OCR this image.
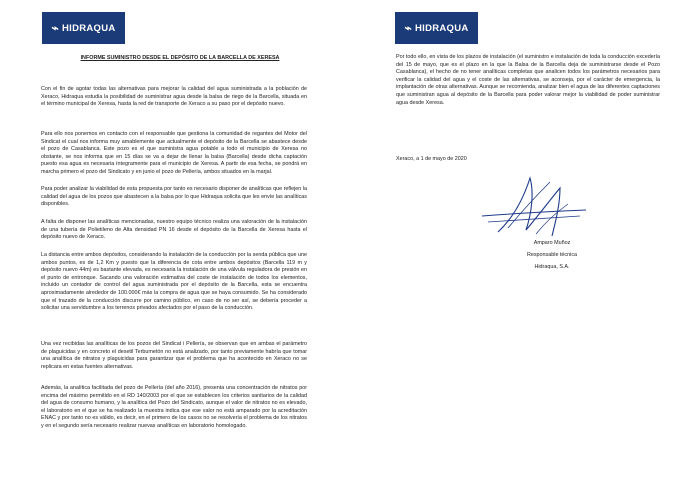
⌁ HIDRAQUA
INFORME SUMINISTRO DESDE EL DEPÓSITO DE LA BARCELLA DE XERESA

Con el fin de agotar todas las alternativas para mejorar la calidad del agua suministrada a la población de Xeraco, Hidraqua estudia la posibilidad de suministrar agua desde la balsa de riego de la Barcella, situada en el término municipal de Xeresa, hasta la red de transporte de Xeraco a su paso por el depósito nuevo.

Para ello nos ponemos en contacto con el responsable que gestiona la comunidad de regantes del Motor del Sindicat el cual nos informa muy amablemente que actualmente el depósito de la Barcella se abastece desde el pozo de Casablanca. Este pozo es el que suministra agua potable a todo el municipio de Xeresa no obstante, se nos informa que en 15 días se va a dejar de llenar la balsa (Barcella) desde dicha captación puesto esa agua es necesaria íntegramente para el municipio de Xeresa. A partir de esa fecha, se pondrá en marcha primero el pozo del Sindicato y en junio el pozo de Pellería, ambos situados en la marjal.

Para poder analizar la viabilidad de esta propuesta por tanto es necesario disponer de analíticas que reflejen la calidad del agua de los pozos que abastecen a la balsa por lo que Hidraqua solicita que les envíe las analíticas disponibles.

A falta de disponer las analíticas mencionadas, nuestro equipo técnico realiza una valoración de la instalación de una tubería de Polietileno de Alta densidad PN 16 desde el depósito de la Barcella de Xeresa hasta el depósito nuevo de Xeraco.

La distancia entre ambos depósitos, considerando la instalación de la conducción por la senda pública que une ambos puntos, es de 1,2 Km y puesto que la diferencia de cota entre ambos depósitos (Barcella 119 m y depósito nuevo 44m) es bastante elevada, es necesaria la instalación de una válvula reguladora de presión en el punto de entronque. Sacando una valoración estimativa del coste de instalación de todos los elementos, incluido un contador de control del agua suministrada por el depósito de la Barcella, esta se encuentra aproximadamente alrededor de 100.000€ más la compra de agua que se haya consumido. Se ha considerado que el trazado de la conducción discurre por camino público, en caso de no ser así, se debería proceder a solicitar una servidumbre a los terrenos privados afectados por el paso de la conducción.

Una vez recibidas las analíticas de los pozos del Sindicat i Pellería, se observan que en ambas el parámetro de plaguicidas y en concreto el desetil Terbumetón no está analizado, por tanto previamente habría que tomar una analítica de nitratos y plaguicidas para garantizar que el problema que ha acontecido en Xeraco no se replicara en estas fuentes alternativas.

Además, la analítica facilitada del pozo de Pellería (del año 2016), presenta una concentración de nitratos por encima del máximo permitido en el RD 140/2003 por el que se establecen los criterios sanitarios de la calidad del agua de consumo humano, y la analítica del Pozo del Sindicato, aunque el valor de nitratos no es elevado, el laboratorio en el que se ha realizado la muestra indica que ese valor no está amparado por la acreditación ENAC y por tanto no es válido, es decir, en el primero de los casos no se resolvería el problema de los nitratos y en el segundo sería necesario realizar nuevas analíticas en laboratorio homologado.

⌁ HIDRAQUA

Por todo ello, en vista de los plazos de instalación (el suministro e instalación de toda la conducción excedería del 15 de mayo, que es el plazo en la que la Balsa de la Barcella deja de suministrarse desde el Pozo Casablanca), el hecho de no tener analíticas completas que analicen todos los parámetros necesarios para verificar la calidad del agua y el coste de las alternativas, se aconseja, por el carácter de emergencia, la implantación de otras alternativas. Aunque se recomienda, analizar bien el agua de las diferentes captaciones que suministran agua al depósito de la Barcella para poder valorar mejor la viabilidad de poder suministrar agua desde Xeresa.

Xeraco, a 1 de mayo de 2020
Amparo Muñoz
Responsable técnica
Hidraqua, S.A.
